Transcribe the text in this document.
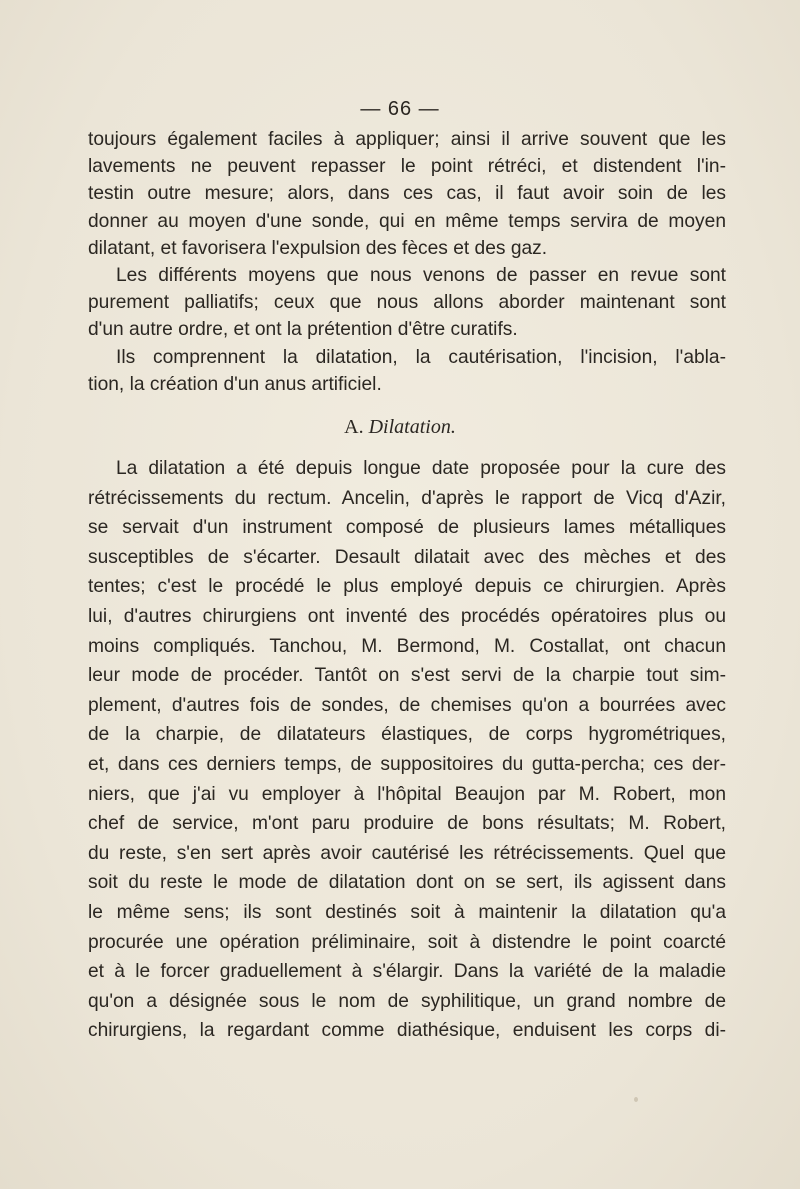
— 66 —
toujours également faciles à appliquer; ainsi il arrive souvent que les
lavements ne peuvent repasser le point rétréci, et distendent l'in-
testin outre mesure; alors, dans ces cas, il faut avoir soin de les
donner au moyen d'une sonde, qui en même temps servira de moyen
dilatant, et favorisera l'expulsion des fèces et des gaz.
Les différents moyens que nous venons de passer en revue sont
purement palliatifs; ceux que nous allons aborder maintenant sont
d'un autre ordre, et ont la prétention d'être curatifs.
Ils comprennent la dilatation, la cautérisation, l'incision, l'abla-
tion, la création d'un anus artificiel.
A. Dilatation.
La dilatation a été depuis longue date proposée pour la cure des
rétrécissements du rectum. Ancelin, d'après le rapport de Vicq d'Azir,
se servait d'un instrument composé de plusieurs lames métalliques
susceptibles de s'écarter. Desault dilatait avec des mèches et des
tentes; c'est le procédé le plus employé depuis ce chirurgien. Après
lui, d'autres chirurgiens ont inventé des procédés opératoires plus ou
moins compliqués. Tanchou, M. Bermond, M. Costallat, ont chacun
leur mode de procéder. Tantôt on s'est servi de la charpie tout sim-
plement, d'autres fois de sondes, de chemises qu'on a bourrées avec
de la charpie, de dilatateurs élastiques, de corps hygrométriques,
et, dans ces derniers temps, de suppositoires du gutta-percha; ces der-
niers, que j'ai vu employer à l'hôpital Beaujon par M. Robert, mon
chef de service, m'ont paru produire de bons résultats; M. Robert,
du reste, s'en sert après avoir cautérisé les rétrécissements. Quel que
soit du reste le mode de dilatation dont on se sert, ils agissent dans
le même sens; ils sont destinés soit à maintenir la dilatation qu'a
procurée une opération préliminaire, soit à distendre le point coarcté
et à le forcer graduellement à s'élargir. Dans la variété de la maladie
qu'on a désignée sous le nom de syphilitique, un grand nombre de
chirurgiens, la regardant comme diathésique, enduisent les corps di-
